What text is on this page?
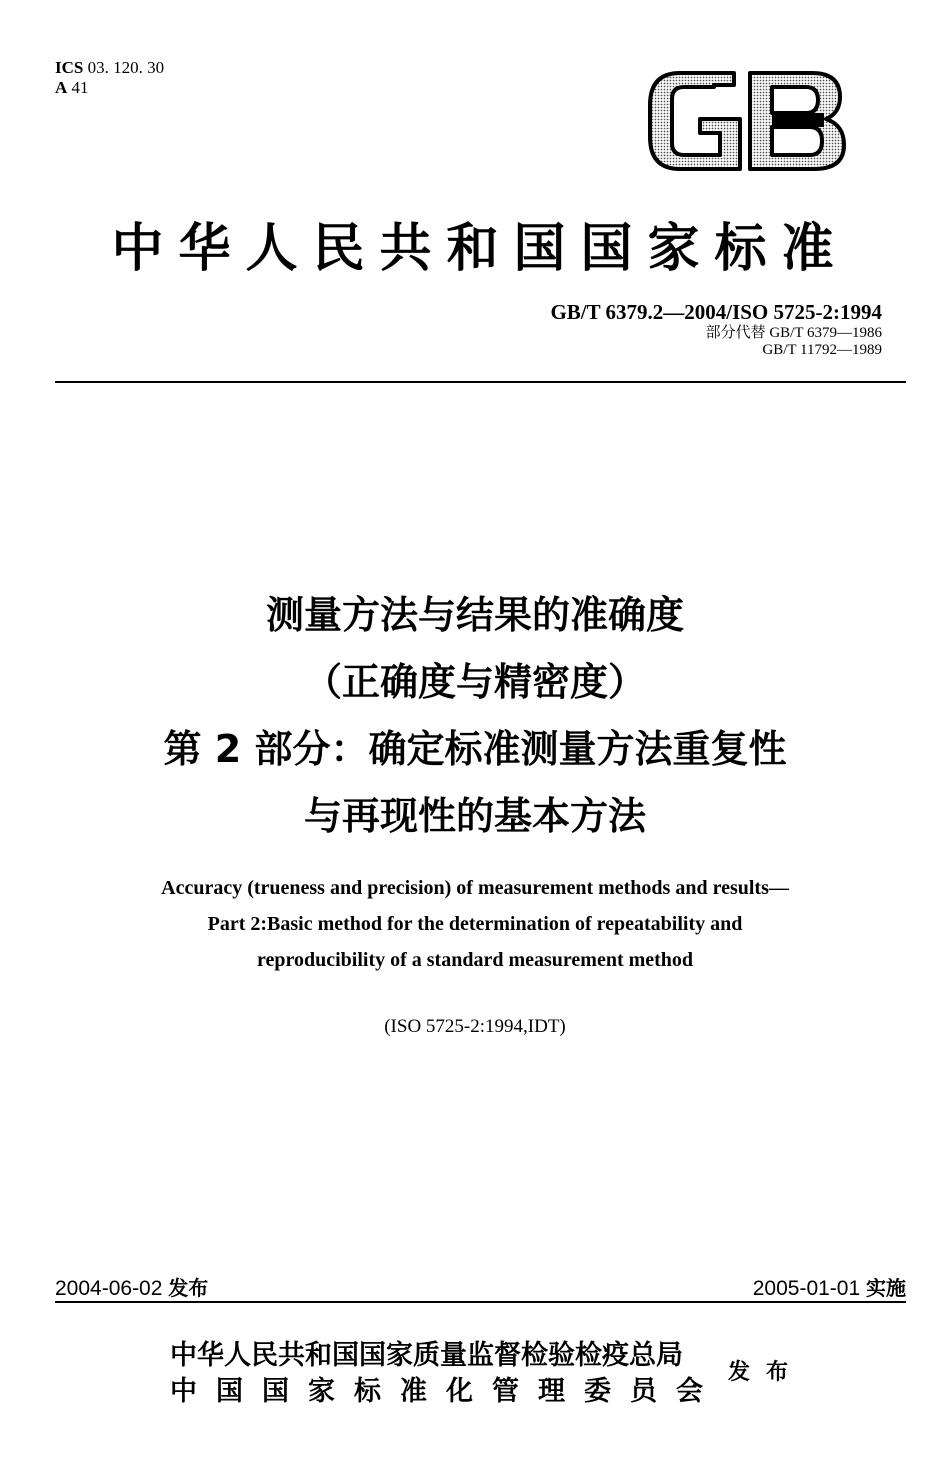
ICS 03. 120. 30
A 41
GB
中华人民共和国国家标准
GB/T 6379.2—2004/ISO 5725-2:1994
部分代替 GB/T 6379—1986
GB/T 11792—1989
测量方法与结果的准确度
（正确度与精密度）
第 2 部分：确定标准测量方法重复性
与再现性的基本方法
Accuracy (trueness and precision) of measurement methods and results—
Part 2:Basic method for the determination of repeatability and
reproducibility of a standard measurement method
(ISO 5725-2:1994,IDT)
2004-06-02 发布	2005-01-01 实施
中华人民共和国国家质量监督检验检疫总局
中国国家标准化管理委员会
发布
